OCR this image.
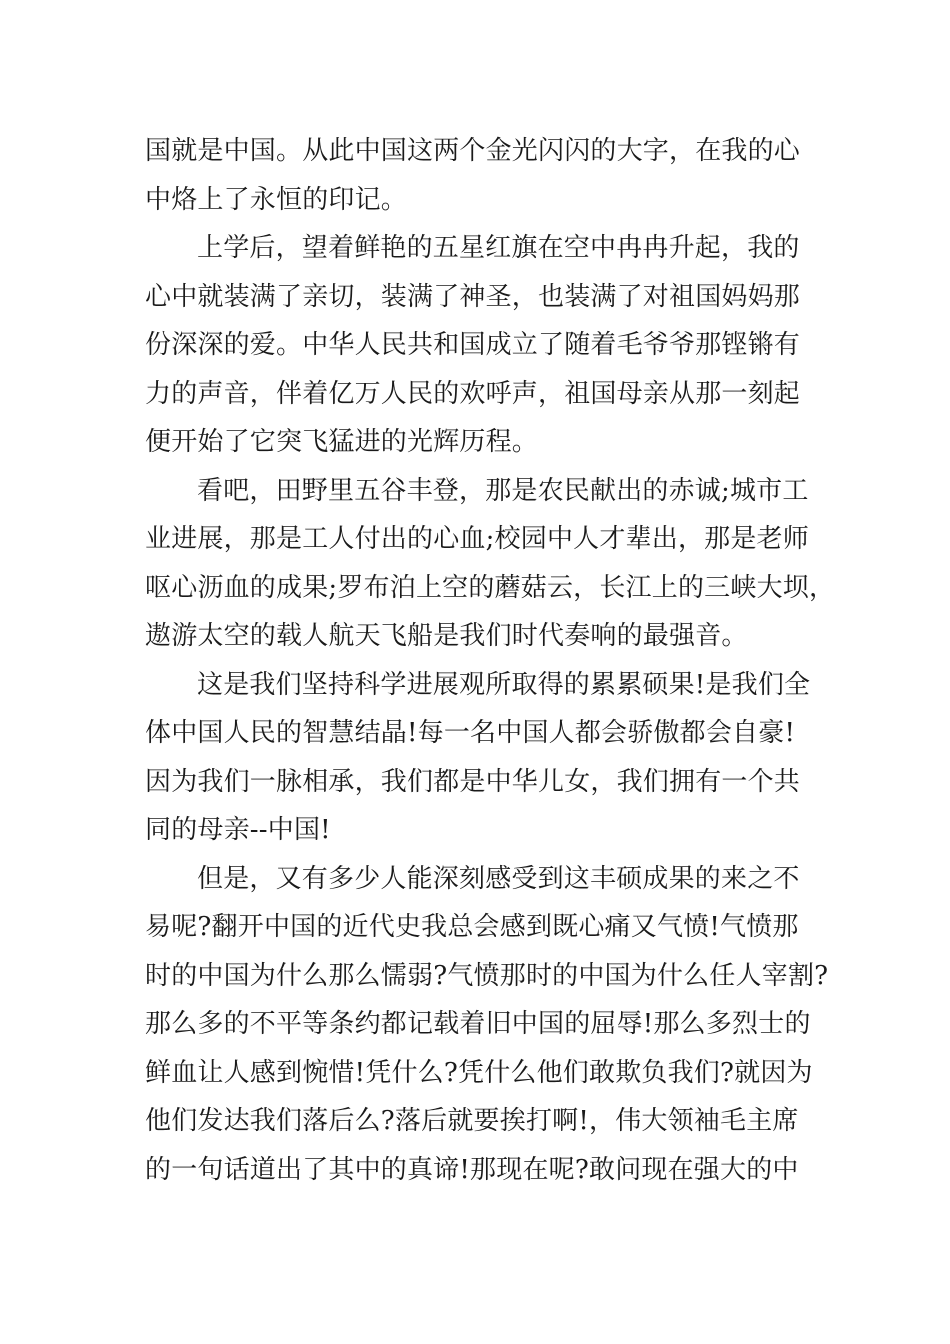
国就是中国。从此中国这两个金光闪闪的大字，在我的心
中烙上了永恒的印记。
上学后，望着鲜艳的五星红旗在空中冉冉升起，我的
心中就装满了亲切，装满了神圣，也装满了对祖国妈妈那
份深深的爱。中华人民共和国成立了随着毛爷爷那铿锵有
力的声音，伴着亿万人民的欢呼声，祖国母亲从那一刻起
便开始了它突飞猛进的光辉历程。
看吧，田野里五谷丰登，那是农民献出的赤诚;城市工
业进展，那是工人付出的心血;校园中人才辈出，那是老师
呕心沥血的成果;罗布泊上空的蘑菇云，长江上的三峡大坝，
遨游太空的载人航天飞船是我们时代奏响的最强音。
这是我们坚持科学进展观所取得的累累硕果!是我们全
体中国人民的智慧结晶!每一名中国人都会骄傲都会自豪!
因为我们一脉相承，我们都是中华儿女，我们拥有一个共
同的母亲--中国!
但是，又有多少人能深刻感受到这丰硕成果的来之不
易呢?翻开中国的近代史我总会感到既心痛又气愤!气愤那
时的中国为什么那么懦弱?气愤那时的中国为什么任人宰割?
那么多的不平等条约都记载着旧中国的屈辱!那么多烈士的
鲜血让人感到惋惜!凭什么?凭什么他们敢欺负我们?就因为
他们发达我们落后么?落后就要挨打啊!，伟大领袖毛主席
的一句话道出了其中的真谛!那现在呢?敢问现在强大的中
